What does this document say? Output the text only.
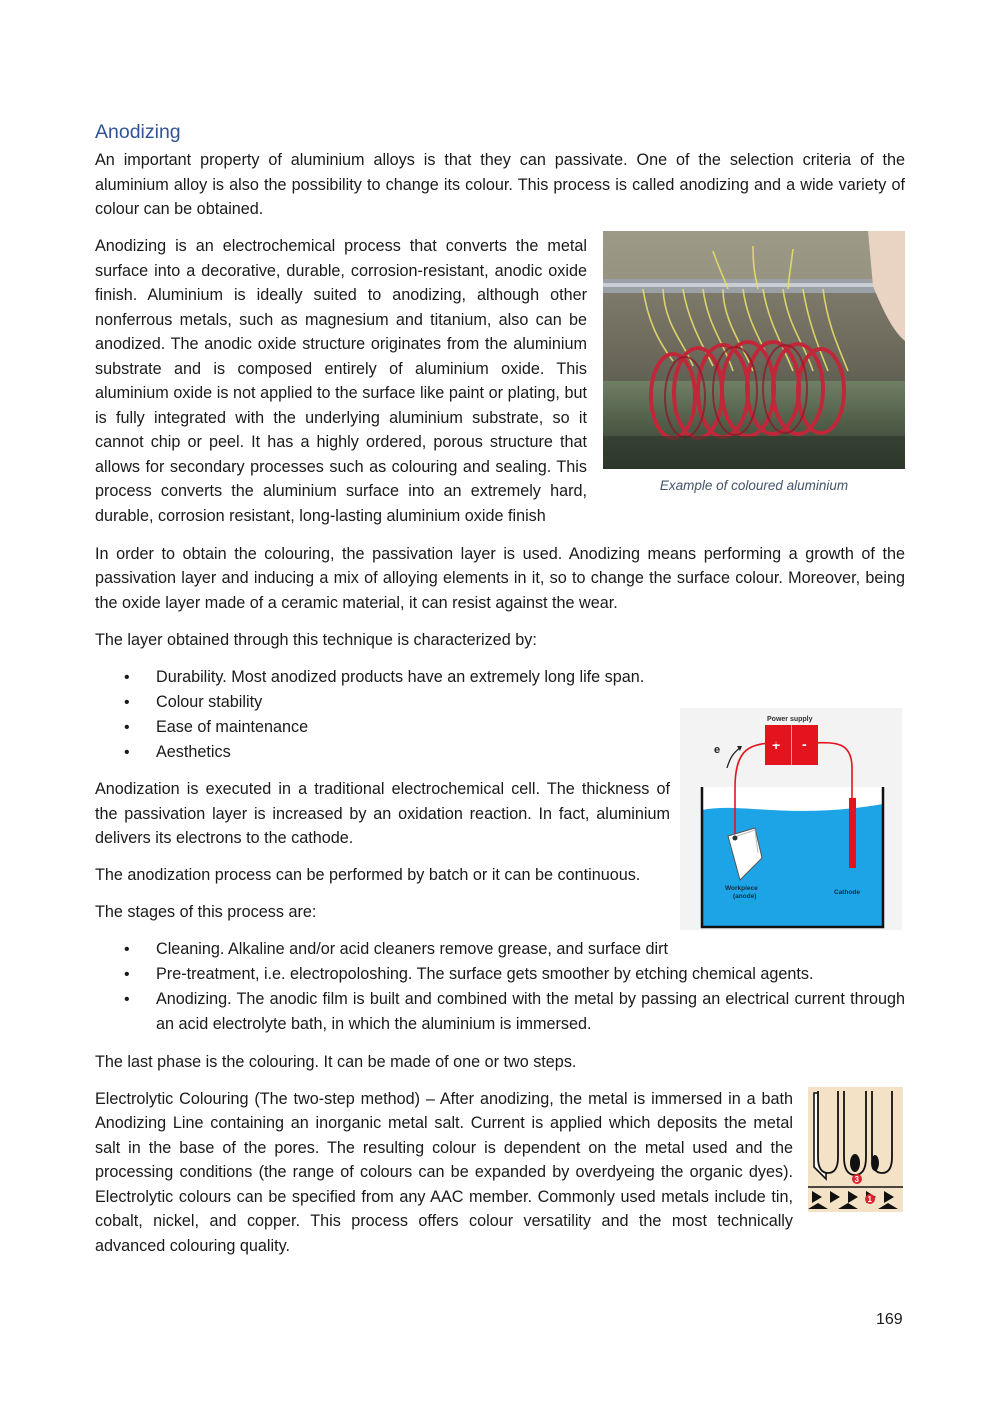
Anodizing

An important property of aluminium alloys is that they can passivate. One of the selection criteria of the aluminium alloy is also the possibility to change its colour. This process is called anodizing and a wide variety of colour can be obtained.

Anodizing is an electrochemical process that converts the metal surface into a decorative, durable, corrosion-resistant, anodic oxide finish. Aluminium is ideally suited to anodizing, although other nonferrous metals, such as magnesium and titanium, also can be anodized. The anodic oxide structure originates from the aluminium substrate and is composed entirely of aluminium oxide. This aluminium oxide is not applied to the surface like paint or plating, but is fully integrated with the underlying aluminium substrate, so it cannot chip or peel. It has a highly ordered, porous structure that allows for secondary processes such as colouring and sealing. This process converts the aluminium surface into an extremely hard, durable, corrosion resistant, long-lasting aluminium oxide finish

Example of coloured aluminium

In order to obtain the colouring, the passivation layer is used. Anodizing means performing a growth of the passivation layer and inducing a mix of alloying elements in it, so to change the surface colour. Moreover, being the oxide layer made of a ceramic material, it can resist against the wear.

The layer obtained through this technique is characterized by:

• Durability. Most anodized products have an extremely long life span.
• Colour stability
• Ease of maintenance
• Aesthetics

Anodization is executed in a traditional electrochemical cell. The thickness of the passivation layer is increased by an oxidation reaction. In fact, aluminium delivers its electrons to the cathode.

The anodization process can be performed by batch or it can be continuous.

The stages of this process are:

Power supply
+ -
e
Workpiece
(anode)
Cathode
• Cleaning. Alkaline and/or acid cleaners remove grease, and surface dirt
• Pre-treatment, i.e. electropoloshing. The surface gets smoother by etching chemical agents.
• Anodizing. The anodic film is built and combined with the metal by passing an electrical current through an acid electrolyte bath, in which the aluminium is immersed.

The last phase is the colouring. It can be made of one or two steps.

Electrolytic Colouring (The two-step method) – After anodizing, the metal is immersed in a bath Anodizing Line containing an inorganic metal salt. Current is applied which deposits the metal salt in the base of the pores. The resulting colour is dependent on the metal used and the processing conditions (the range of colours can be expanded by overdyeing the organic dyes). Electrolytic colours can be specified from any AAC member. Commonly used metals include tin, cobalt, nickel, and copper. This process offers colour versatility and the most technically advanced colouring quality.

3
1
169
